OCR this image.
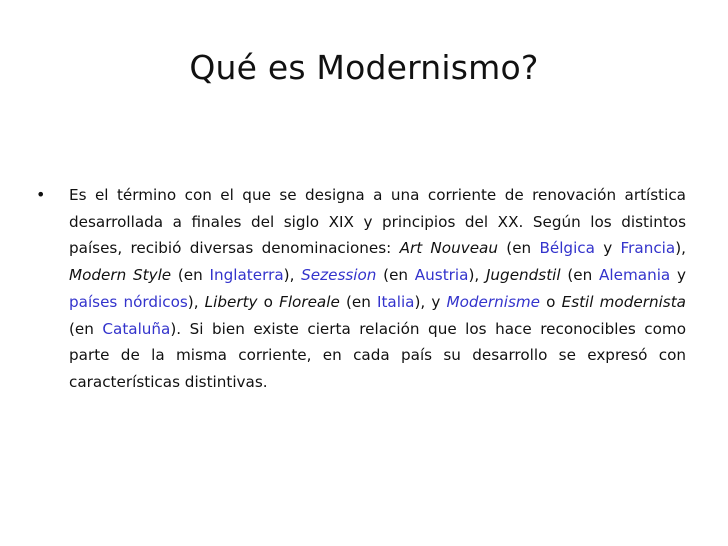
Qué es Modernismo?
•	Es el término con el que se designa a una corriente de renovación artística desarrollada a finales del siglo XIX y principios del XX. Según los distintos países, recibió diversas denominaciones: Art Nouveau (en Bélgica y Francia), Modern Style (en Inglaterra), Sezession (en Austria), Jugendstil (en Alemania y países nórdicos), Liberty o Floreale (en Italia), y Modernisme o Estil modernista (en Cataluña). Si bien existe cierta relación que los hace reconocibles como parte de la misma corriente, en cada país su desarrollo se expresó con características distintivas.
